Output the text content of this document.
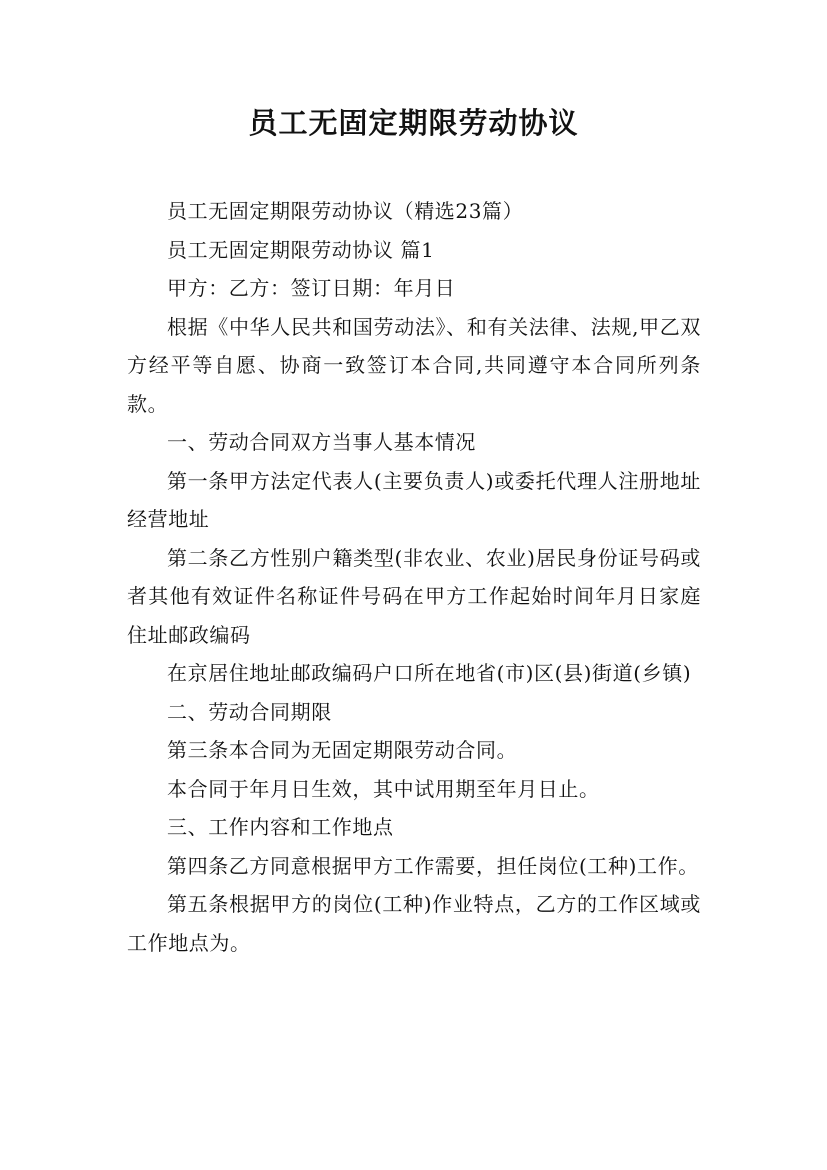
员工无固定期限劳动协议

员工无固定期限劳动协议（精选23篇）

员工无固定期限劳动协议 篇1

甲方：乙方：签订日期：年月日

根据《中华人民共和国劳动法》、和有关法律、法规,甲乙双方经平等自愿、协商一致签订本合同,共同遵守本合同所列条款。

一、劳动合同双方当事人基本情况

第一条甲方法定代表人(主要负责人)或委托代理人注册地址经营地址

第二条乙方性别户籍类型(非农业、农业)居民身份证号码或者其他有效证件名称证件号码在甲方工作起始时间年月日家庭住址邮政编码

在京居住地址邮政编码户口所在地省(市)区(县)街道(乡镇)

二、劳动合同期限

第三条本合同为无固定期限劳动合同。

本合同于年月日生效，其中试用期至年月日止。

三、工作内容和工作地点

第四条乙方同意根据甲方工作需要，担任岗位(工种)工作。

第五条根据甲方的岗位(工种)作业特点，乙方的工作区域或工作地点为。
